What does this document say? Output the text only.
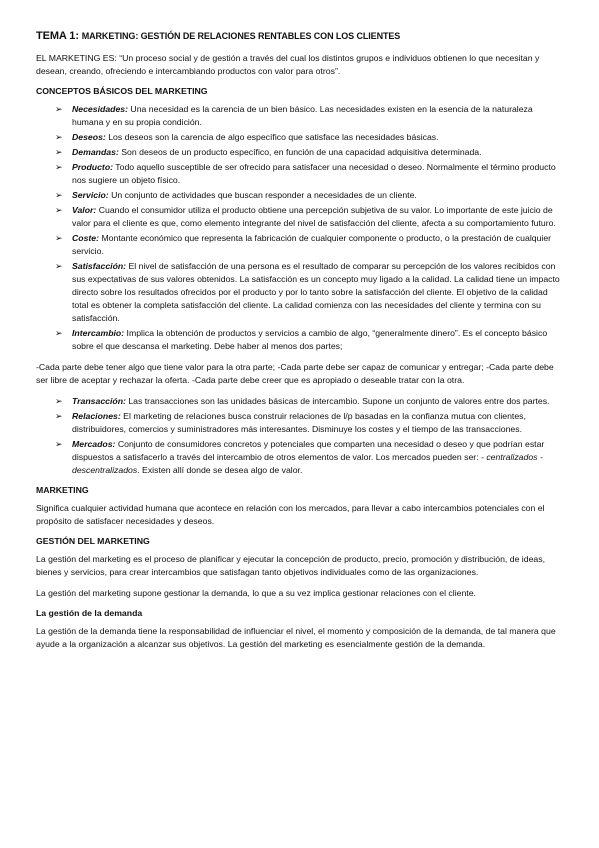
TEMA 1: MARKETING: GESTIÓN DE RELACIONES RENTABLES CON LOS CLIENTES

EL MARKETING ES: “Un proceso social y de gestión a través del cual los distintos grupos e individuos obtienen lo que necesitan y desean, creando, ofreciendo e intercambiando productos con valor para otros”.

CONCEPTOS BÁSICOS DEL MARKETING
➢ Necesidades: Una necesidad es la carencia de un bien básico. Las necesidades existen en la esencia de la naturaleza humana y en su propia condición.
➢ Deseos: Los deseos son la carencia de algo específico que satisface las necesidades básicas.
➢ Demandas: Son deseos de un producto específico, en función de una capacidad adquisitiva determinada.
➢ Producto: Todo aquello susceptible de ser ofrecido para satisfacer una necesidad o deseo. Normalmente el término producto nos sugiere un objeto físico.
➢ Servicio: Un conjunto de actividades que buscan responder a necesidades de un cliente.
➢ Valor: Cuando el consumidor utiliza el producto obtiene una percepción subjetiva de su valor. Lo importante de este juicio de valor para el cliente es que, como elemento integrante del nivel de satisfacción del cliente, afecta a su comportamiento futuro.
➢ Coste: Montante económico que representa la fabricación de cualquier componente o producto, o la prestación de cualquier servicio.
➢ Satisfacción: El nivel de satisfacción de una persona es el resultado de comparar su percepción de los valores recibidos con sus expectativas de sus valores obtenidos. La satisfacción es un concepto muy ligado a la calidad. La calidad tiene un impacto directo sobre los resultados ofrecidos por el producto y por lo tanto sobre la satisfacción del cliente. El objetivo de la calidad total es obtener la completa satisfacción del cliente. La calidad comienza con las necesidades del cliente y termina con su satisfacción.
➢ Intercambio: Implica la obtención de productos y servicios a cambio de algo, “generalmente dinero”. Es el concepto básico sobre el que descansa el marketing. Debe haber al menos dos partes;

-Cada parte debe tener algo que tiene valor para la otra parte; -Cada parte debe ser capaz de comunicar y entregar; -Cada parte debe ser libre de aceptar y rechazar la oferta. -Cada parte debe creer que es apropiado o deseable tratar con la otra.

➢ Transacción: Las transacciones son las unidades básicas de intercambio. Supone un conjunto de valores entre dos partes.
➢ Relaciones: El marketing de relaciones busca construir relaciones de l/p basadas en la confianza mutua con clientes, distribuidores, comercios y suministradores más interesantes. Disminuye los costes y el tiempo de las transacciones.
➢ Mercados: Conjunto de consumidores concretos y potenciales que comparten una necesidad o deseo y que podrían estar dispuestos a satisfacerlo a través del intercambio de otros elementos de valor. Los mercados pueden ser: - centralizados - descentralizados. Existen allí donde se desea algo de valor.
MARKETING

Significa cualquier actividad humana que acontece en relación con los mercados, para llevar a cabo intercambios potenciales con el propósito de satisfacer necesidades y deseos.

GESTIÓN DEL MARKETING

La gestión del marketing es el proceso de planificar y ejecutar la concepción de producto, precio, promoción y distribución, de ideas, bienes y servicios, para crear intercambios que satisfagan tanto objetivos individuales como de las organizaciones.

La gestión del marketing supone gestionar la demanda, lo que a su vez implica gestionar relaciones con el cliente.

La gestión de la demanda

La gestión de la demanda tiene la responsabilidad de influenciar el nivel, el momento y composición de la demanda, de tal manera que ayude a la organización a alcanzar sus objetivos. La gestión del marketing es esencialmente gestión de la demanda.
